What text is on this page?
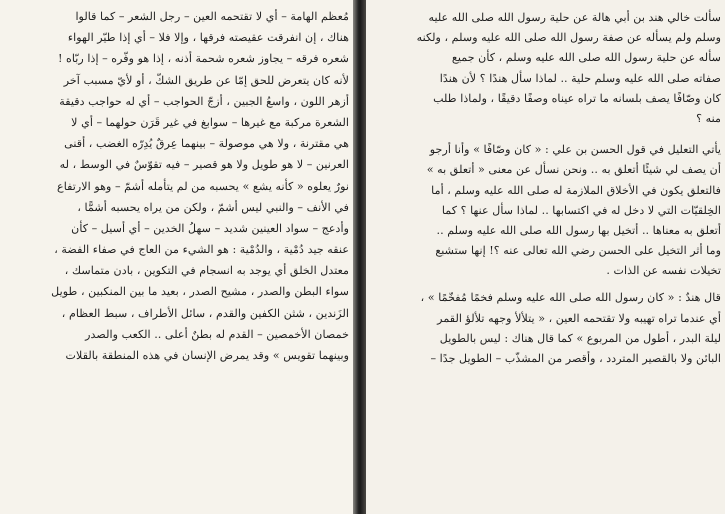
مُعظم الهامة – أي لا تقتحمه العين – رجل الشعر – كما قالوا
هناك ، إن انفرقت عقيصته فرقها ، وإلا فلا – أي إذا طيّر الهواء
شعره فرقه – يجاوز شعره شحمة أذنه ، إذا هو وفّره – إذا ربّاه !
لأنه كان يتعرض للحق إمّا عن طريق الشكّ ، أو لأيّ مسبب آخر
أزهر اللون ، واسعُ الجبين ، أزجّ الحواجب – أي له حواجب دقيقة
الشعرة مركبة مع غيرها – سوابغ في غير قَرَن حولهما – أي لا
هي مقترنة ، ولا هي موصولة – بينهما عِرقٌ يُدِرّه الغضب ، أقنى
العرنين – لا هو طويل ولا هو قصير – فيه تقوّسٌ في الوسط ، له
نورٌ يعلوه « كأنه يشع » يحسبه من لم يتأمله أشمّ – وهو الارتفاع
في الأنف – والنبي ليس أشمّ ، ولكن من يراه يحسبه أشمًّا ،
وأدعج – سواد العينين شديد – سهلُ الخدين – أي أسيل – كأن
عنقه جيد دُمْية ، والدُمْية : هو الشيء من العاج في صفاء الفضة ،
معتدل الخلق أي يوجد به انسجام في التكوين ، بادن متماسك ،
سواء البطن والصدر ، مشيح الصدر ، بعيد ما بين المنكبين ، طويل
الزَندين ، شثن الكفين والقدم ، سائل الأطراف ، سبط العظام ،
خمصان الأخمصين – القدم له بطنٌ أعلى .. الكعب والصدر
وبينهما تقويس » وقد يمرض الإنسان في هذه المنطقة بالقلات
سألت خالي هند بن أبي هالة عن حلية رسول الله صلى الله عليه
وسلم ولم يسأله عن صفة رسول الله صلى الله عليه وسلم ، ولكنه
سأله عن حلية رسول الله صلى الله عليه وسلم ، كأن جميع
صفاته صلى الله عليه وسلم حلية .. لماذا سأل هندًا ؟ لأن هندًا
كان وصّافًا يصف بلسانه ما تراه عيناه وصفًا دقيقًا ، ولماذا طلب
منه ؟
يأتي التعليل في قول الحسن بن علي : « كان وصّافًا » وأنا أرجو
أن يصف لي شيئًا أتعلق به .. ونحن نسأل عن معنى « أتعلق به »
فالتعلق يكون في الأخلاق الملازمة له صلى الله عليه وسلم ، أما
الخِلقيّات التي لا دخل له في اكتسابها .. لماذا سأل عنها ؟ كما
أتعلق به معناها .. أتخيل بها رسول الله صلى الله عليه وسلم ..
وما أثر التخيل على الحسن رضي الله تعالى عنه ؟! إنها ستشبع
تخيلات نفسه عن الذات .
قال هندٌ : « كان رسول الله صلى الله عليه وسلم فخمًا مُفخّمًا » ،
أي عندما تراه تهيبه ولا تقتحمه العين ، « يتلألأ وجهه تلألؤ القمر
ليلة البدر ، أطول من المربوع » كما قال هناك : ليس بالطويل
البائن ولا بالقصير المتردد ، وأقصر من المشذّب – الطويل جدًا –
